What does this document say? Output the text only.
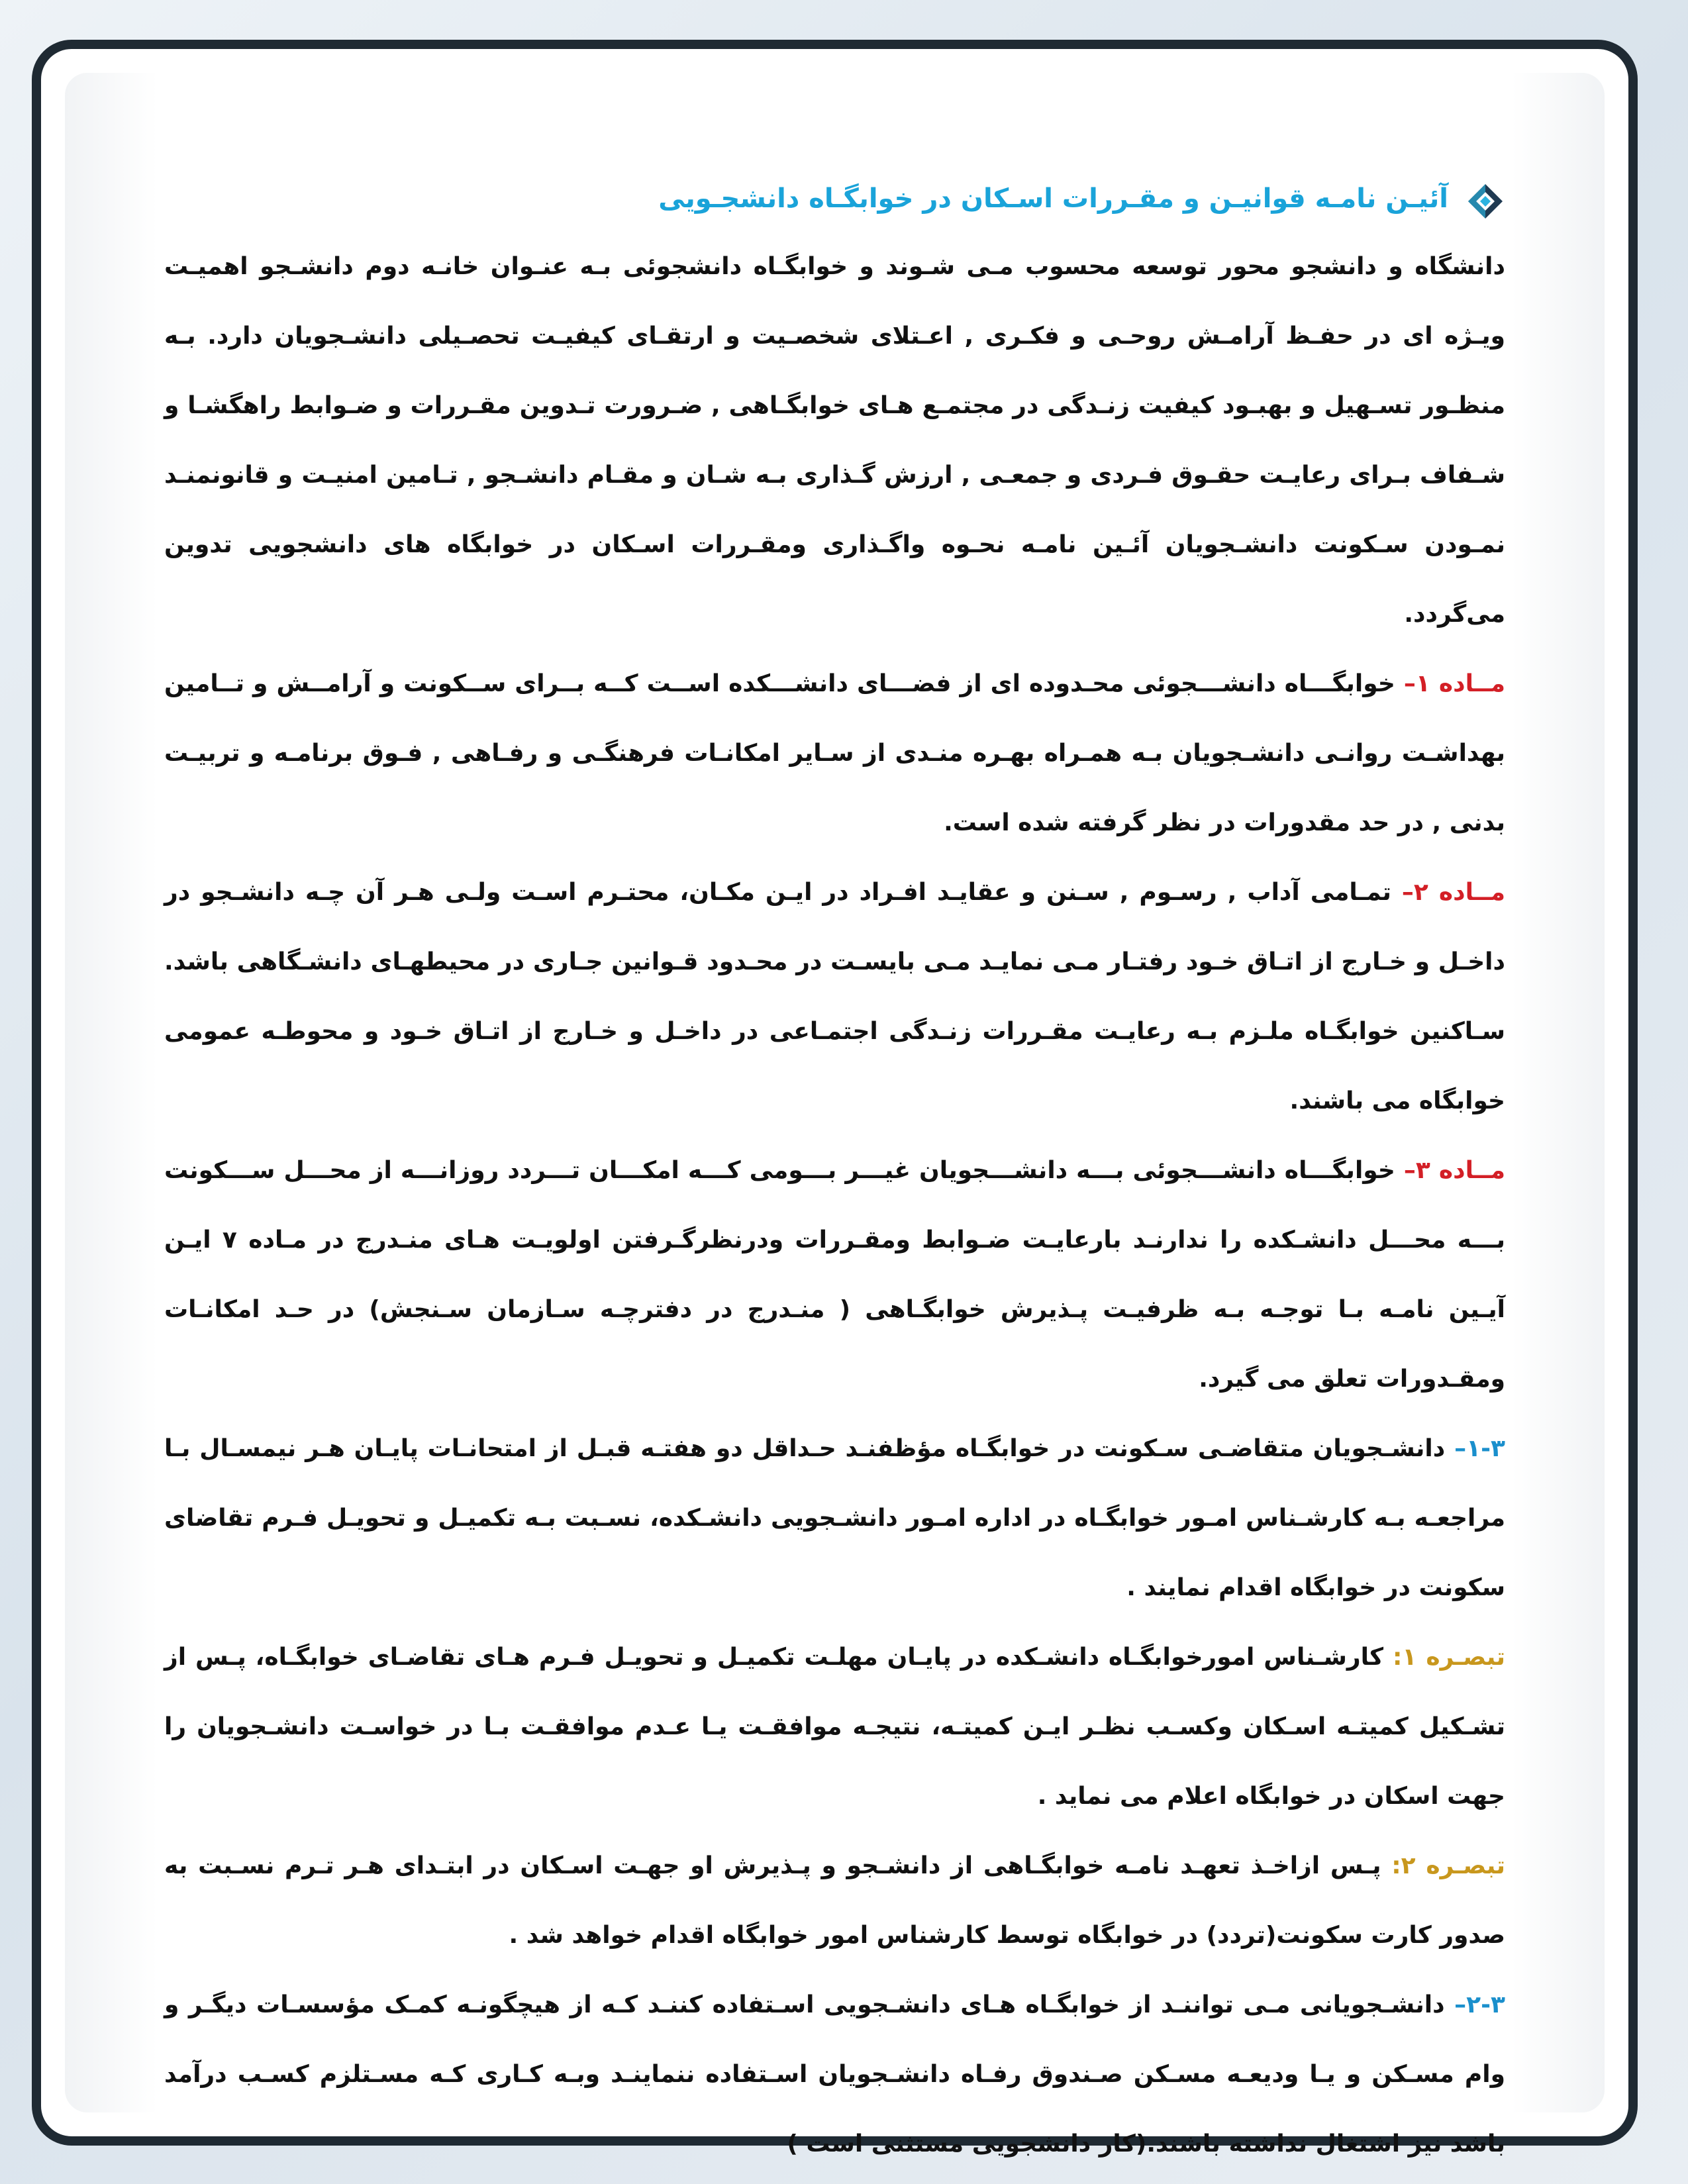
آئیـن نامـه قوانیـن و مقـررات اسـکان در خوابگـاه دانشجـویی

دانشگاه و دانشجو محور توسعه محسوب مـی شـوند و خوابگـاه دانشجوئی بـه عنـوان خانـه دوم دانشـجو اهمیـت ویـژه ای در حفـظ آرامـش روحـی و فکـری , اعـتلای شخصـیت و ارتقـای کیفیـت تحصـیلی دانشـجویان دارد. بـه منظـور تسـهیل و بهبـود کیفیت زنـدگی در مجتمـع هـای خوابگـاهی , ضـرورت تـدوین مقـررات و ضـوابط راهگشـا و شـفاف بـرای رعایـت حقـوق فـردی و جمعـی , ارزش گـذاری بـه شـان و مقـام دانشـجو , تـامین امنیـت و قانونمنـد نمـودن سـکونت دانشـجویان آئـین نامـه نحـوه واگـذاری ومقـررات اسـکان در خوابگاه های دانشجویی تدوین می‌گردد.

مــاده ۱– خوابگـــاه دانشـــجوئی محـدوده ای از فضـــای دانشـــکده اســت کــه بــرای ســکونت و آرامــش و تــامین بهداشـت روانـی دانشـجویان بـه همـراه بهـره منـدی از سـایر امکانـات فرهنگـی و رفـاهی , فـوق برنامـه و تربیـت بدنی , در حد مقدورات در نظر گرفته شده است.

مــاده ۲– تمـامی آداب , رسـوم , سـنن و عقایـد افـراد در ایـن مکـان، محتـرم اسـت ولـی هـر آن چـه دانشـجو در داخـل و خـارج از اتـاق خـود رفتـار مـی نمایـد مـی بایسـت در محـدود قـوانین جـاری در محیطهـای دانشـگاهی باشد. سـاکنین خوابگـاه ملـزم بـه رعایـت مقـررات زنـدگی اجتمـاعی در داخـل و خـارج از اتـاق خـود و محوطـه عمومی خوابگاه می باشند.

مــاده ۳– خوابگـــاه دانشـــجوئی بـــه دانشـــجویان غیـــر بـــومی کـــه امکـــان تـــردد روزانـــه از محـــل ســـکونت بـــه محـــل دانشـکده را ندارنـد بارعایـت ضـوابط ومقـررات ودرنظرگـرفتن اولویـت هـای منـدرج در مـاده ۷ ایـن آیـین نامـه بـا توجـه بـه ظرفیـت پـذیرش خوابگـاهی ( منـدرج در دفترچـه سـازمان سـنجش) در حـد امکانـات ومقـدورات تعلق می گیرد.

۱-۳– دانشـجویان متقاضـی سـکونت در خوابگـاه مؤظفنـد حـداقل دو هفتـه قبـل از امتحانـات پایـان هـر نیمسـال بـا مراجعـه بـه کارشـناس امـور خوابگـاه در اداره امـور دانشـجویی دانشـکده، نسـبت بـه تکمیـل و تحویـل فـرم تقاضای سکونت در خوابگاه اقدام نمایند .

تبصـره ۱: کارشـناس امورخوابگـاه دانشـکده در پایـان مهلـت تکمیـل و تحویـل فـرم هـای تقاضـای خوابگـاه، پـس از تشـکیل کمیتـه اسـکان وکسـب نظـر ایـن کمیتـه، نتیجـه موافقـت یـا عـدم موافقـت بـا در خواسـت دانشـجویان را جهت اسکان در خوابگاه اعلام می نماید .

تبصـره ۲: پـس ازاخـذ تعهـد نامـه خوابگـاهی از دانشـجو و پـذیرش او جهـت اسـکان در ابتـدای هـر تـرم نسـبت به صدور کارت سکونت(تردد) در خوابگاه توسط کارشناس امور خوابگاه اقدام خواهد شد .

۲-۳– دانشـجویانی مـی تواننـد از خوابگـاه هـای دانشـجویی اسـتفاده کننـد کـه از هیچگونـه کمـک مؤسسـات دیگـر و وام مسـکن و یـا ودیعـه مسـکن صـندوق رفـاه دانشـجویان اسـتفاده ننماینـد وبـه کـاری کـه مسـتلزم کسـب درآمد باشد نیز اشتغال نداشته باشند.(کار دانشجویی مستثنی است )
